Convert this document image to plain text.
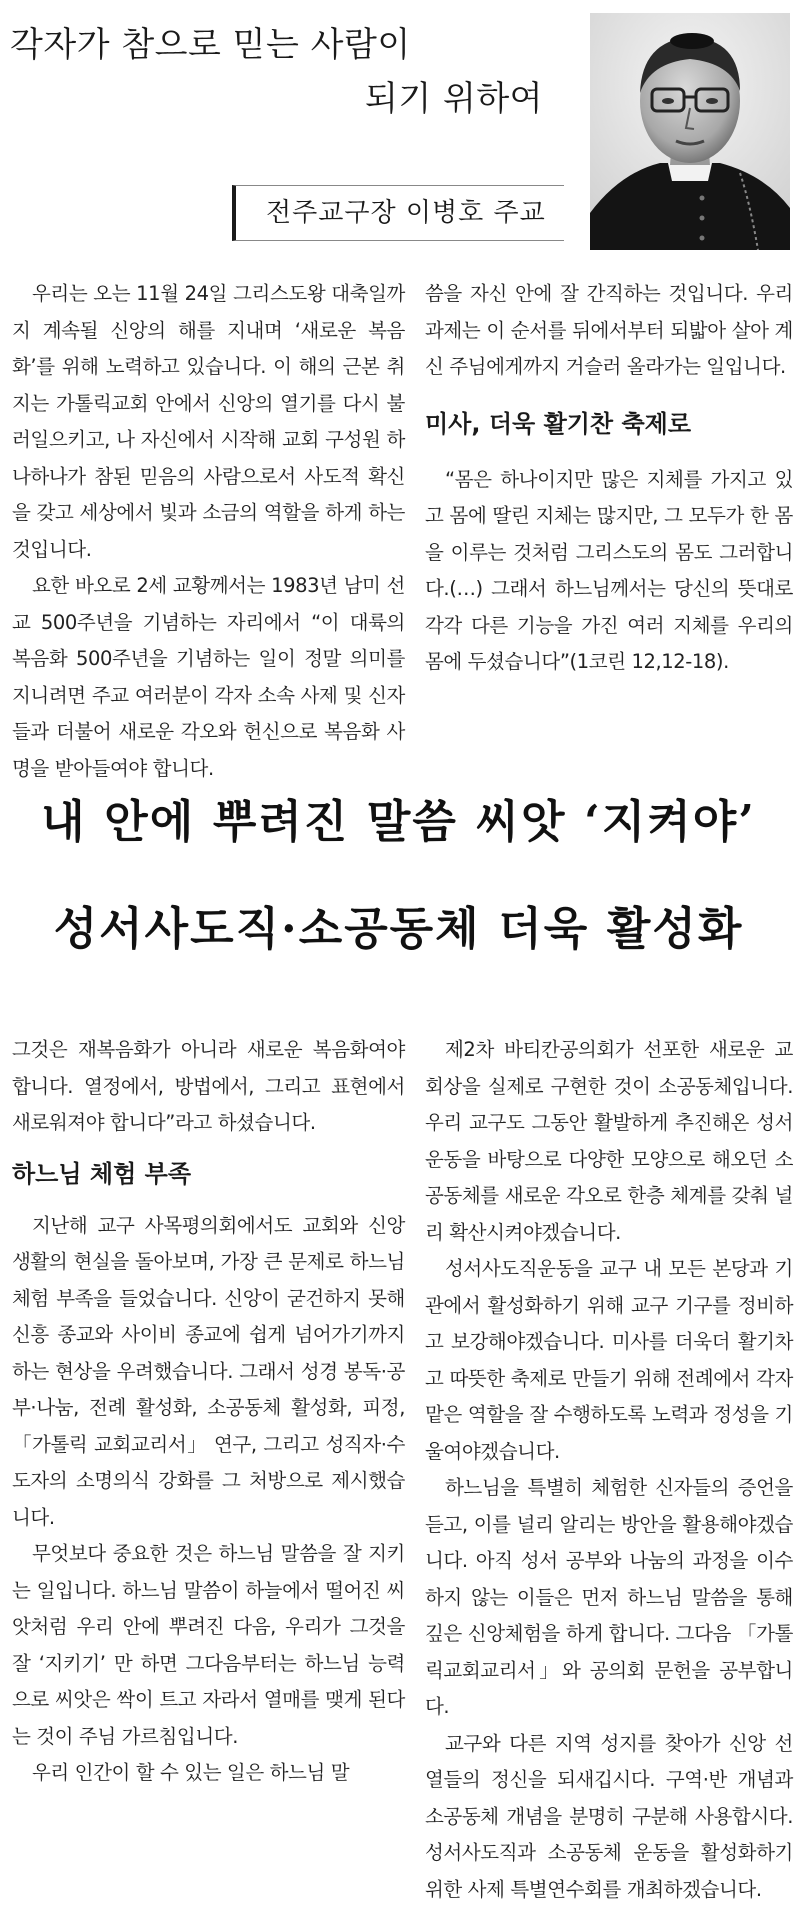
각자가 참으로 믿는 사람이
되기 위하여
전주교구장 이병호 주교

우리는 오는 11월 24일 그리스도왕 대축일까지 계속될 신앙의 해를 지내며 ‘새로운 복음화’를 위해 노력하고 있습니다. 이 해의 근본 취지는 가톨릭교회 안에서 신앙의 열기를 다시 불러일으키고, 나 자신에서 시작해 교회 구성원 하나하나가 참된 믿음의 사람으로서 사도적 확신을 갖고 세상에서 빛과 소금의 역할을 하게 하는 것입니다.

요한 바오로 2세 교황께서는 1983년 남미 선교 500주년을 기념하는 자리에서 “이 대륙의 복음화 500주년을 기념하는 일이 정말 의미를 지니려면 주교 여러분이 각자 소속 사제 및 신자들과 더불어 새로운 각오와 헌신으로 복음화 사명을 받아들여야 합니다.

씀을 자신 안에 잘 간직하는 것입니다. 우리 과제는 이 순서를 뒤에서부터 되밟아 살아 계신 주님에게까지 거슬러 올라가는 일입니다.

미사, 더욱 활기찬 축제로

“몸은 하나이지만 많은 지체를 가지고 있고 몸에 딸린 지체는 많지만, 그 모두가 한 몸을 이루는 것처럼 그리스도의 몸도 그러합니다.(…) 그래서 하느님께서는 당신의 뜻대로 각각 다른 기능을 가진 여러 지체를 우리의 몸에 두셨습니다”(1코린 12,12-18).

내 안에 뿌려진 말씀 씨앗 ‘지켜야’
성서사도직·소공동체 더욱 활성화

그것은 재복음화가 아니라 새로운 복음화여야 합니다. 열정에서, 방법에서, 그리고 표현에서 새로워져야 합니다”라고 하셨습니다.

하느님 체험 부족

지난해 교구 사목평의회에서도 교회와 신앙생활의 현실을 돌아보며, 가장 큰 문제로 하느님 체험 부족을 들었습니다. 신앙이 굳건하지 못해 신흥 종교와 사이비 종교에 쉽게 넘어가기까지 하는 현상을 우려했습니다. 그래서 성경 봉독·공부·나눔, 전례 활성화, 소공동체 활성화, 피정, 「가톨릭 교회교리서」 연구, 그리고 성직자·수도자의 소명의식 강화를 그 처방으로 제시했습니다.

무엇보다 중요한 것은 하느님 말씀을 잘 지키는 일입니다. 하느님 말씀이 하늘에서 떨어진 씨앗처럼 우리 안에 뿌려진 다음, 우리가 그것을 잘 ‘지키기’ 만 하면 그다음부터는 하느님 능력으로 씨앗은 싹이 트고 자라서 열매를 맺게 된다는 것이 주님 가르침입니다.

우리 인간이 할 수 있는 일은 하느님 말

제2차 바티칸공의회가 선포한 새로운 교회상을 실제로 구현한 것이 소공동체입니다. 우리 교구도 그동안 활발하게 추진해온 성서운동을 바탕으로 다양한 모양으로 해오던 소공동체를 새로운 각오로 한층 체계를 갖춰 널리 확산시켜야겠습니다.

성서사도직운동을 교구 내 모든 본당과 기관에서 활성화하기 위해 교구 기구를 정비하고 보강해야겠습니다. 미사를 더욱더 활기차고 따뜻한 축제로 만들기 위해 전례에서 각자 맡은 역할을 잘 수행하도록 노력과 정성을 기울여야겠습니다.

하느님을 특별히 체험한 신자들의 증언을 듣고, 이를 널리 알리는 방안을 활용해야겠습니다. 아직 성서 공부와 나눔의 과정을 이수하지 않는 이들은 먼저 하느님 말씀을 통해 깊은 신앙체험을 하게 합니다. 그다음 「가톨릭교회교리서」와 공의회 문헌을 공부합니다.

교구와 다른 지역 성지를 찾아가 신앙 선열들의 정신을 되새깁시다. 구역·반 개념과 소공동체 개념을 분명히 구분해 사용합시다. 성서사도직과 소공동체 운동을 활성화하기 위한 사제 특별연수회를 개최하겠습니다.
